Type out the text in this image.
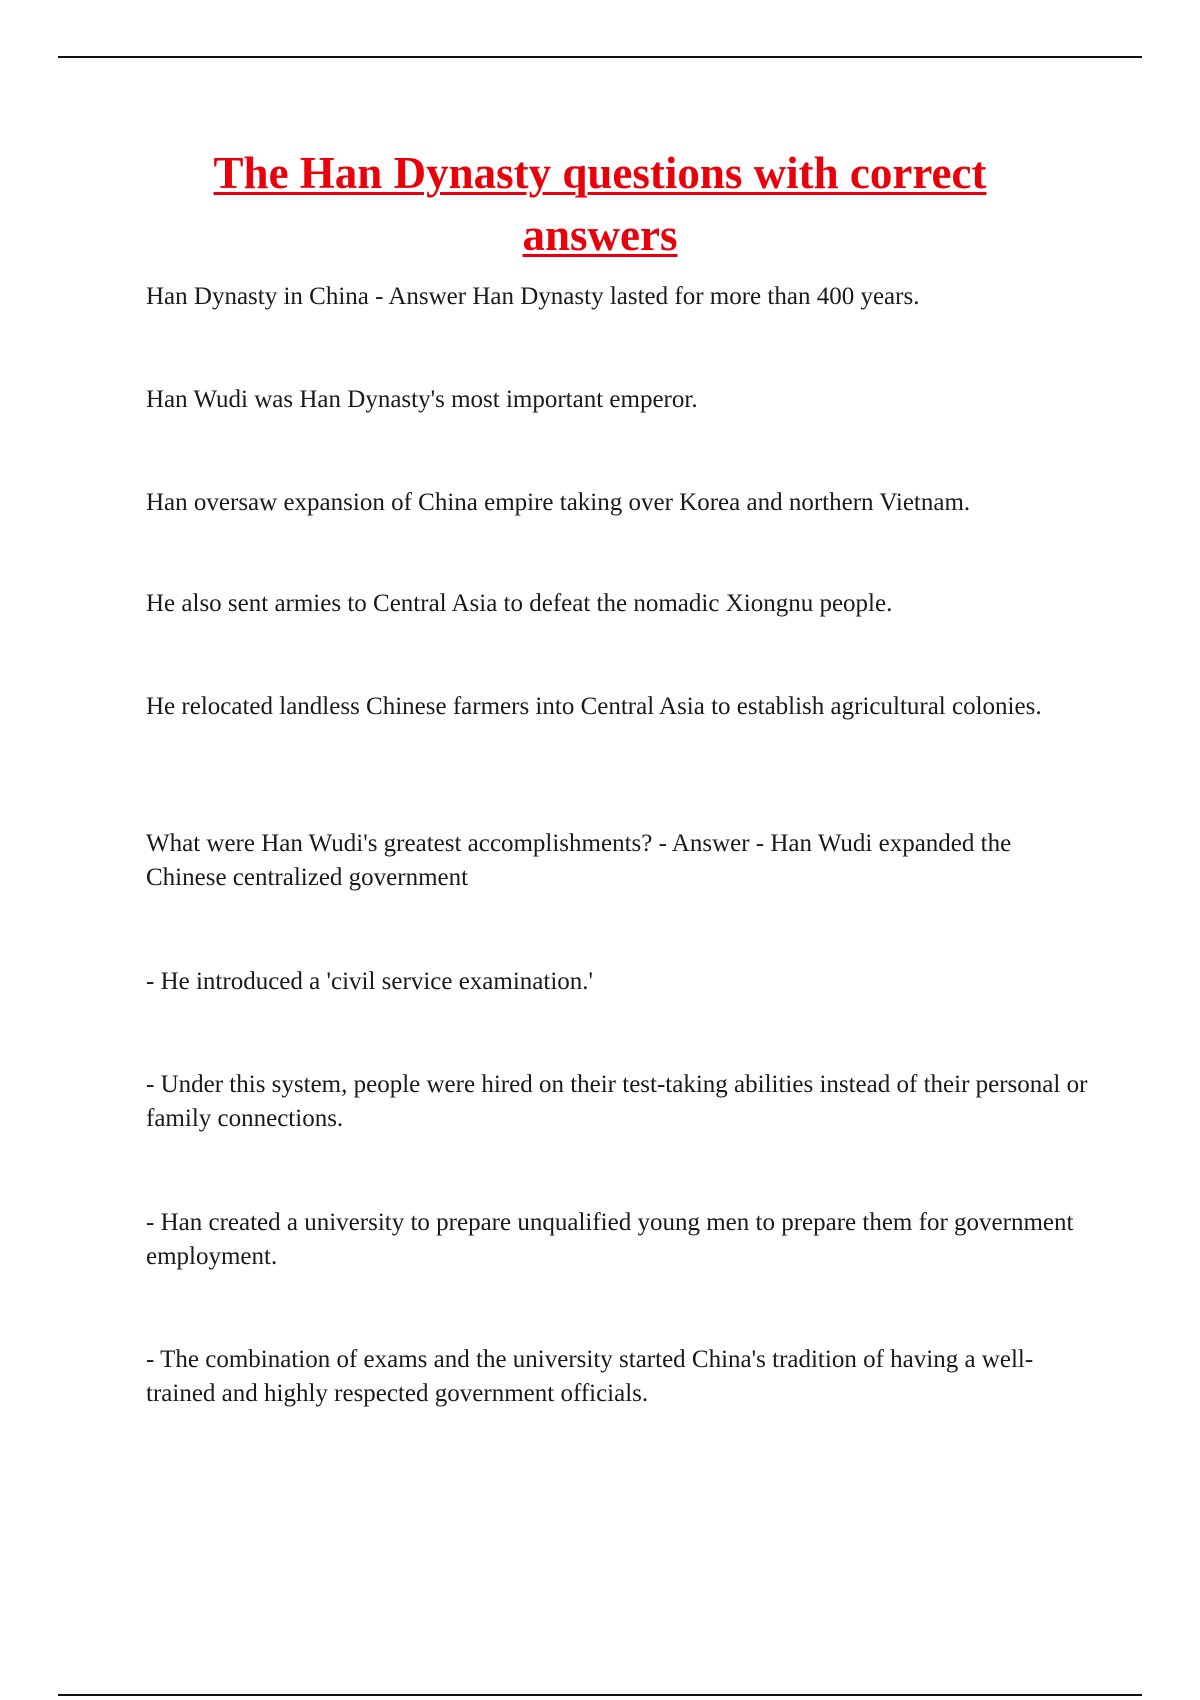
The Han Dynasty questions with correct answers

Han Dynasty in China - Answer Han Dynasty lasted for more than 400 years.

Han Wudi was Han Dynasty's most important emperor.

Han oversaw expansion of China empire taking over Korea and northern Vietnam.

He also sent armies to Central Asia to defeat the nomadic Xiongnu people.

He relocated landless Chinese farmers into Central Asia to establish agricultural colonies.

What were Han Wudi's greatest accomplishments? - Answer - Han Wudi expanded the Chinese centralized government

- He introduced a 'civil service examination.'

- Under this system, people were hired on their test-taking abilities instead of their personal or family connections.

- Han created a university to prepare unqualified young men to prepare them for government employment.

- The combination of exams and the university started China's tradition of having a well-trained and highly respected government officials.
